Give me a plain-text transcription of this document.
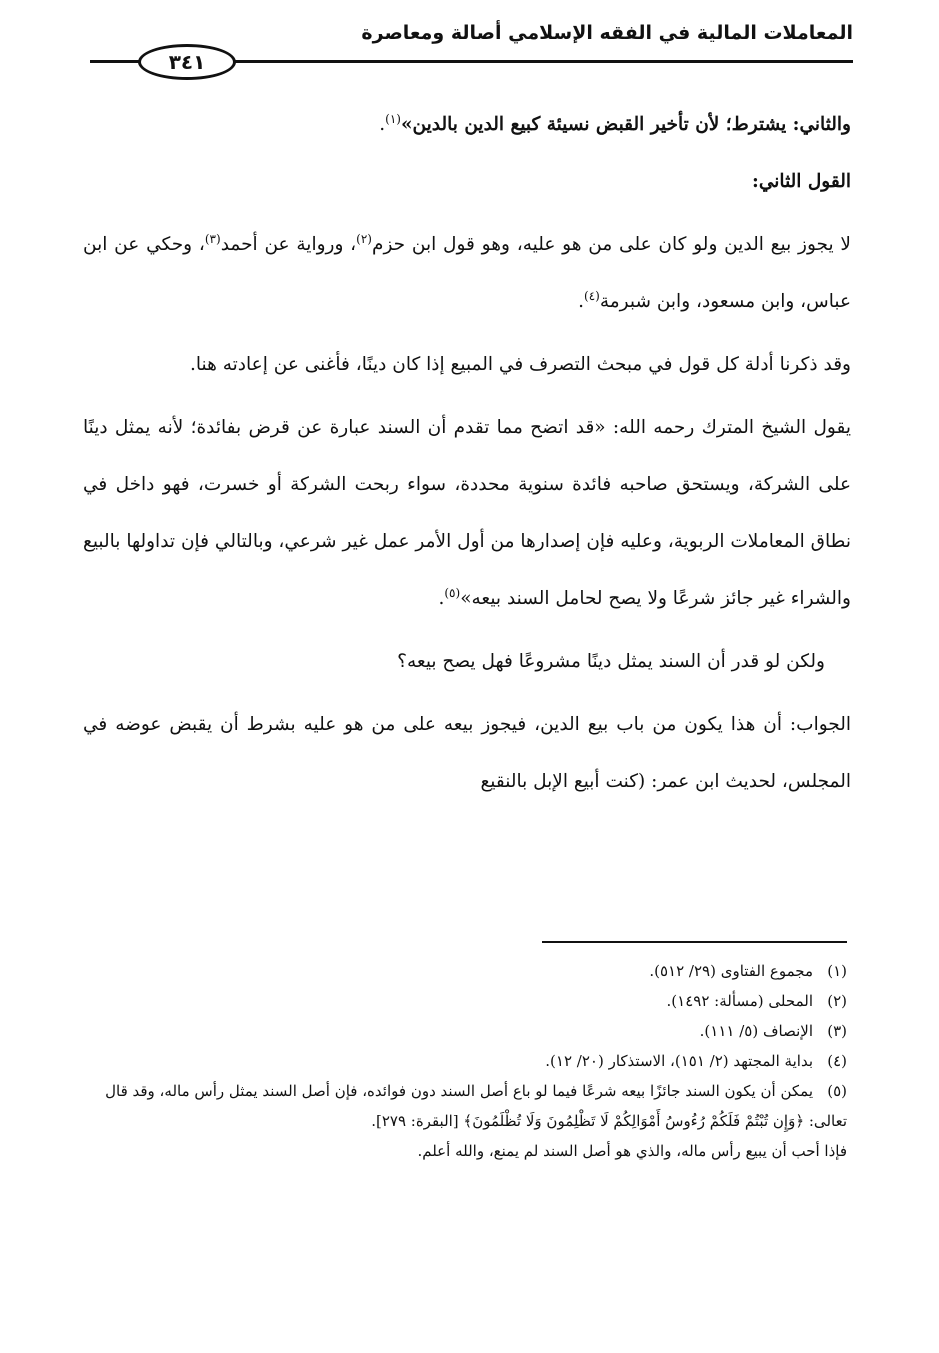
المعاملات المالية في الفقه الإسلامي أصالة ومعاصرة
٣٤١

والثاني: يشترط؛ لأن تأخير القبض نسيئة كبيع الدين بالدين»$^{(١)}$.

القول الثاني:

لا يجوز بيع الدين ولو كان على من هو عليه، وهو قول ابن حزم$^{(٢)}$، ورواية عن أحمد$^{(٣)}$، وحكي عن ابن عباس، وابن مسعود، وابن شبرمة$^{(٤)}$.

وقد ذكرنا أدلة كل قول في مبحث التصرف في المبيع إذا كان دينًا، فأغنى عن إعادته هنا.

يقول الشيخ المترك رحمه الله: «قد اتضح مما تقدم أن السند عبارة عن قرض بفائدة؛ لأنه يمثل دينًا على الشركة، ويستحق صاحبه فائدة سنوية محددة، سواء ربحت الشركة أو خسرت، فهو داخل في نطاق المعاملات الربوية، وعليه فإن إصدارها من أول الأمر عمل غير شرعي، وبالتالي فإن تداولها بالبيع والشراء غير جائز شرعًا ولا يصح لحامل السند بيعه»$^{(٥)}$.

ولكن لو قدر أن السند يمثل دينًا مشروعًا فهل يصح بيعه؟

الجواب: أن هذا يكون من باب بيع الدين، فيجوز بيعه على من هو عليه بشرط أن يقبض عوضه في المجلس، لحديث ابن عمر: (كنت أبيع الإبل بالنقيع

(١)مجموع الفتاوى (٢٩/ ٥١٢).

(٢)المحلى (مسألة: ١٤٩٢).

(٣)الإنصاف (٥/ ١١١).

(٤)بداية المجتهد (٢/ ١٥١)، الاستذكار (٢٠/ ١٢).

(٥)يمكن أن يكون السند جائزًا بيعه شرعًا فيما لو باع أصل السند دون فوائده، فإن أصل السند يمثل رأس ماله، وقد قال تعالى: ﴿وَإِن تُبْتُمْ فَلَكُمْ رُءُوسُ أَمْوَالِكُمْ لَا تَظْلِمُونَ وَلَا تُظْلَمُونَ﴾ [البقرة: ٢٧٩].

فإذا أحب أن يبيع رأس ماله، والذي هو أصل السند لم يمنع، والله أعلم.
